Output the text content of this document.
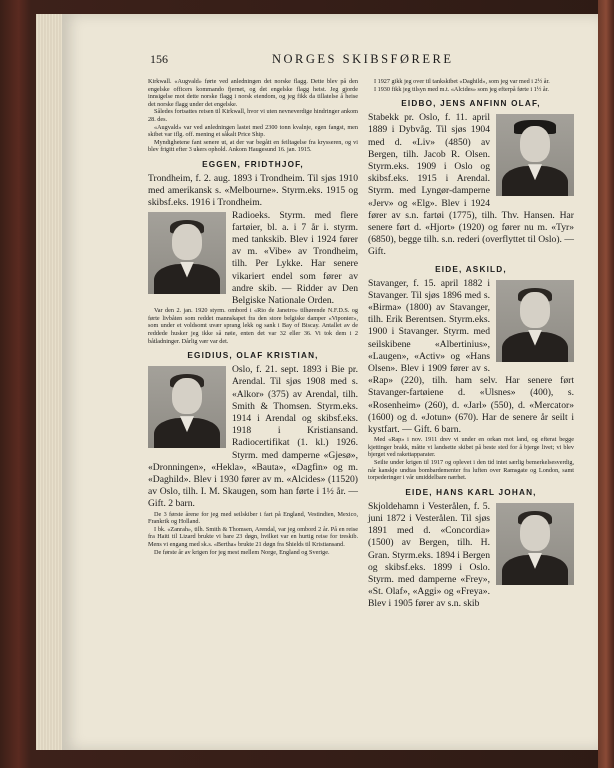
156	NORGES SKIBSFØRERE

Kirkwall. «Augvald» førte ved anledningen det norske flagg. Dette blev på den engelske officers kommando fjernet, og det engelske flagg heist. Jeg gjorde innsigelse mot dette norske flagg i norsk eiendom, og jeg fikk da tillatelse å heise det norske flagg under det engelske.

Således fortsattes reisen til Kirkwall, hvor vi uten nevneverdige hindringer ankom 28. des.

«Augvald» var ved anledningen lastet med 2300 tonn kvalnje, egen fangst, men skibet var iflg. off. mening et såkalt Price Ship.

Myndighetene fant senere ut, at der var begått en feiltagelse fra krysseren, og vi blev frigitt efter 3 ukers ophold. Ankom Haugesund 16. jan. 1915.

EGGEN, FRIDTHJOF,

Trondheim, f. 2. aug. 1893 i Trondheim. Til sjøs 1910 med amerikansk s. «Melbourne». Styrm.eks. 1915 og skibsf.eks. 1916 i Trondheim.

Radioeks. Styrm. med flere fartøier, bl. a. i 7 år i. styrm. med tankskib. Blev i 1924 fører av m. «Vibe» av Trondheim, tilh. Per Lykke. Har senere vikariert endel som fører av andre skib. — Ridder av Den Belgiske Nationale Orden.

Var den 2. jan. 1920 styrm. ombord i «Rio de Janeiro» tilhørende N.F.D.S. og førte livbåten som reddet mannskapet fra den store belgiske damper «Viponier», som under et voldsomt uvær sprang lekk og sank i Bay of Biscay. Antallet av de reddede husker jeg ikke så nøie, enten det var 32 eller 36. Vi tok dem i 2 båtladninger. Dårlig vær var det.

EGIDIUS, OLAF KRISTIAN,

Oslo, f. 21. sept. 1893 i Bie pr. Arendal. Til sjøs 1908 med s. «Alkor» (375) av Arendal, tilh. Smith & Thomsen. Styrm.eks. 1914 i Arendal og skibsf.eks. 1918 i Kristiansand. Radiocertifikat (1. kl.) 1926. Styrm. med damperne «Gjesø», «Dronningen», «Hekla», «Bauta», «Dagfin» og m. «Daghild». Blev i 1930 fører av m. «Alcides» (11520) av Oslo, tilh. I. M. Skaugen, som han førte i 1½ år. — Gift. 2 barn.

De 3 første årene for jeg med seilskiber i fart på England, Vestindien, Mexico, Frankrik og Holland.

I bk. «Zanrah», tilh. Smith & Thomsen, Arendal, var jeg ombord 2 år. På en reise fra Haiti til Lizard brukte vi bare 23 døgn, hvilket var en hurtig reise for treskib. Mens vi engang med sk.s. «Bertha» brukte 21 døgn fra Shields til Kristiansand.

De første år av krigen for jeg mest mellem Norge, England og Sverige.

I 1927 gikk jeg over til tankskibet «Daghild», som jeg var med i 2½ år.

I 1930 fikk jeg tilsyn med m.t. «Alcides» som jeg efterpå førte i 1½ år.

EIDBO, JENS ANFINN OLAF,

Stabekk pr. Oslo, f. 11. april 1889 i Dybvåg. Til sjøs 1904 med d. «Liv» (4850) av Bergen, tilh. Jacob R. Olsen. Styrm.eks. 1909 i Oslo og skibsf.eks. 1915 i Arendal. Styrm. med Lyngør-damperne «Jerv» og «Elg». Blev i 1924 fører av s.n. fartøi (1775), tilh. Thv. Hansen. Har senere ført d. «Hjort» (1920) og fører nu m. «Tyr» (6850), begge tilh. s.n. rederi (overflyttet til Oslo). — Gift.

EIDE, ASKILD,

Stavanger, f. 15. april 1882 i Stavanger. Til sjøs 1896 med s. «Birma» (1800) av Stavanger, tilh. Erik Berentsen. Styrm.eks. 1900 i Stavanger. Styrm. med seilskibene «Albertinius», «Laugen», «Activ» og «Hans Olsen». Blev i 1909 fører av s. «Rap» (220), tilh. ham selv. Har senere ført Stavanger-fartøiene d. «Ulsnes» (400), s. «Rosenheim» (260), d. «Jarl» (550), d. «Mercator» (1600) og d. «Jotun» (670). Har de senere år seilt i kystfart. — Gift. 6 barn.

Med «Rap» i nov. 1911 drev vi under en orkan mot land, og efterat begge kjettinger brakk, måtte vi landsette skibet på beste sted for å bjerge livet; vi blev bjerget ved rakettapparater.

Seilte under krigen til 1917 og oplevet i den tid intet særlig bemerkelsesverdig, når kanskje undtas bombardementer fra luften over Ramsgate og London, samt torpederinger i vår umiddelbare nærhet.

EIDE, HANS KARL JOHAN,

Skjoldehamn i Vesterålen, f. 5. juni 1872 i Vesterålen. Til sjøs 1891 med d. «Concordia» (1500) av Bergen, tilh. H. Gran. Styrm.eks. 1894 i Bergen og skibsf.eks. 1899 i Oslo. Styrm. med damperne «Frey», «St. Olaf», «Aggi» og «Freya». Blev i 1905 fører av s.n. skib
